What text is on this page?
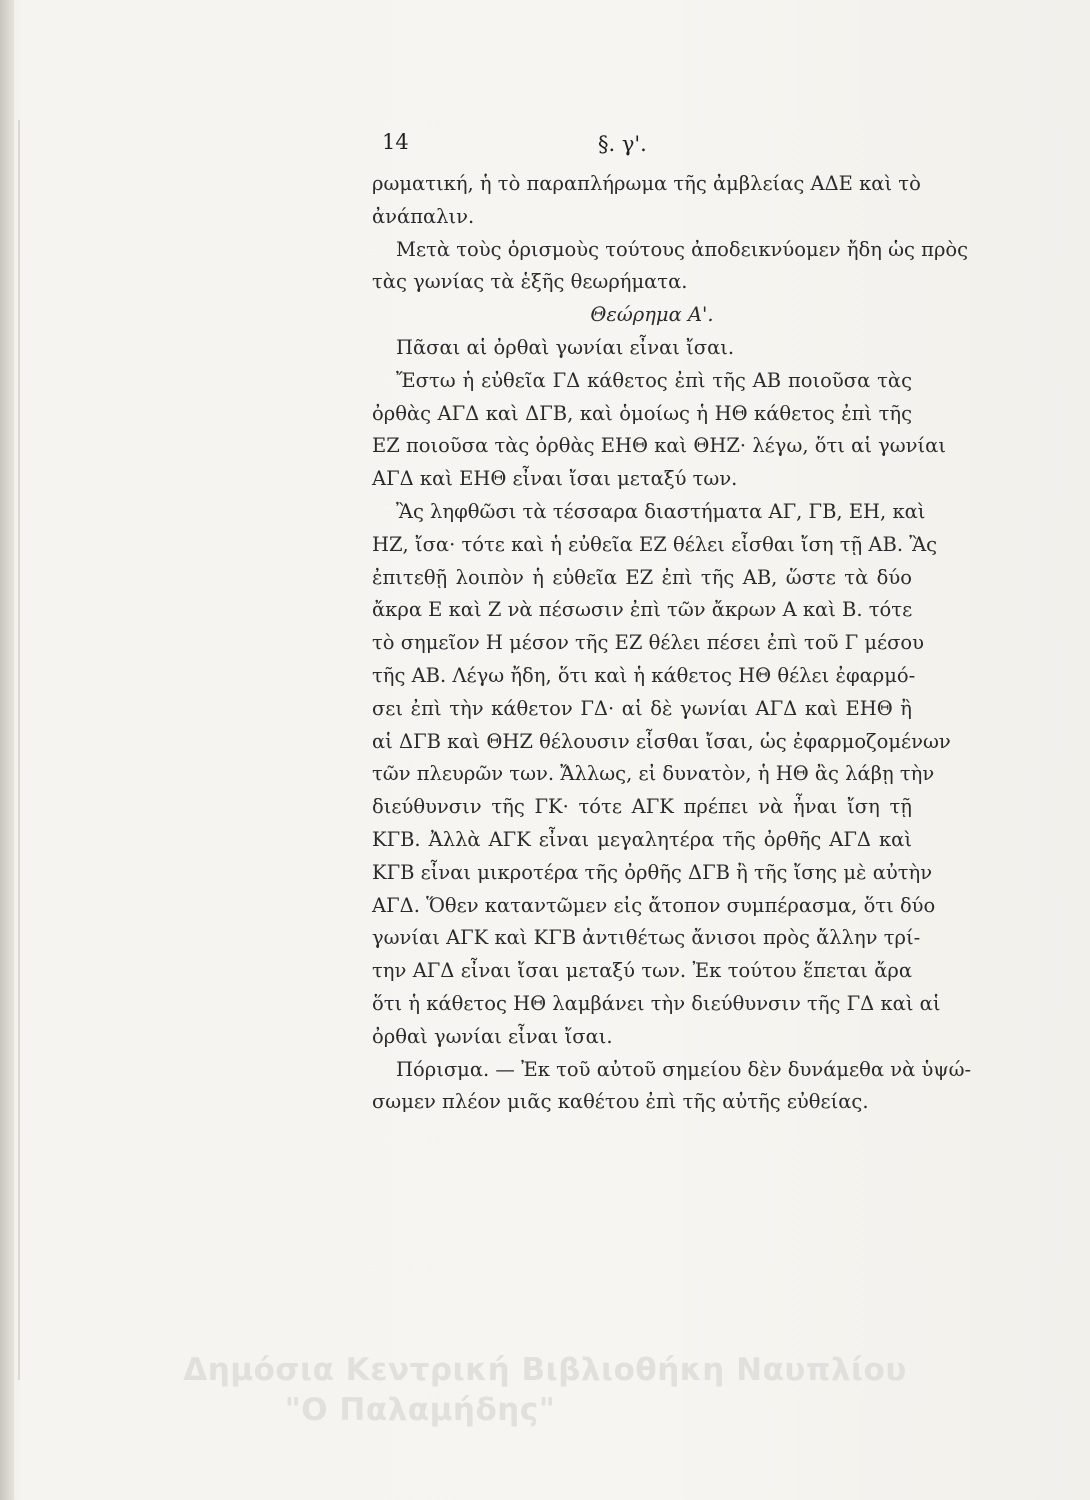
14	§. γ'.
ρωματική, ἡ τὸ παραπλήρωμα τῆς ἀμβλείας ΑΔΕ καὶ τὸ
ἀνάπαλιν.
Μετὰ τοὺς ὁρισμοὺς τούτους ἀποδεικνύομεν ἤδη ὡς πρὸς
τὰς γωνίας τὰ ἑξῆς θεωρήματα.
Θεώρημα Α'.
Πᾶσαι αἱ ὀρθαὶ γωνίαι εἶναι ἴσαι.
Ἔστω ἡ εὐθεῖα ΓΔ κάθετος ἐπὶ τῆς ΑΒ ποιοῦσα τὰς
ὀρθὰς ΑΓΔ καὶ ΔΓΒ, καὶ ὁμοίως ἡ ΗΘ κάθετος ἐπὶ τῆς
ΕΖ ποιοῦσα τὰς ὀρθὰς ΕΗΘ καὶ ΘΗΖ· λέγω, ὅτι αἱ γωνίαι
ΑΓΔ καὶ ΕΗΘ εἶναι ἴσαι μεταξύ των.
Ἂς ληφθῶσι τὰ τέσσαρα διαστήματα ΑΓ, ΓΒ, ΕΗ, καὶ
ΗΖ, ἴσα· τότε καὶ ἡ εὐθεῖα ΕΖ θέλει εἶσθαι ἴση τῇ ΑΒ. Ἂς
ἐπιτεθῇ λοιπὸν ἡ εὐθεῖα ΕΖ ἐπὶ τῆς ΑΒ, ὥστε τὰ δύο
ἄκρα Ε καὶ Ζ νὰ πέσωσιν ἐπὶ τῶν ἄκρων Α καὶ Β. τότε
τὸ σημεῖον Η μέσον τῆς ΕΖ θέλει πέσει ἐπὶ τοῦ Γ μέσου
τῆς ΑΒ. Λέγω ἤδη, ὅτι καὶ ἡ κάθετος ΗΘ θέλει ἐφαρμό-
σει ἐπὶ τὴν κάθετον ΓΔ· αἱ δὲ γωνίαι ΑΓΔ καὶ ΕΗΘ ἢ
αἱ ΔΓΒ καὶ ΘΗΖ θέλουσιν εἶσθαι ἴσαι, ὡς ἐφαρμοζομένων
τῶν πλευρῶν των. Ἄλλως, εἰ δυνατὸν, ἡ ΗΘ ἂς λάβῃ τὴν
διεύθυνσιν τῆς ΓΚ· τότε ΑΓΚ πρέπει νὰ ἦναι ἴση τῇ
ΚΓΒ. Ἀλλὰ ΑΓΚ εἶναι μεγαλητέρα τῆς ὀρθῆς ΑΓΔ καὶ
ΚΓΒ εἶναι μικροτέρα τῆς ὀρθῆς ΔΓΒ ἢ τῆς ἴσης μὲ αὐτὴν
ΑΓΔ. Ὅθεν καταντῶμεν εἰς ἄτοπον συμπέρασμα, ὅτι δύο
γωνίαι ΑΓΚ καὶ ΚΓΒ ἀντιθέτως ἄνισοι πρὸς ἄλλην τρί-
την ΑΓΔ εἶναι ἴσαι μεταξύ των. Ἐκ τούτου ἕπεται ἄρα
ὅτι ἡ κάθετος ΗΘ λαμβάνει τὴν διεύθυνσιν τῆς ΓΔ καὶ αἱ
ὀρθαὶ γωνίαι εἶναι ἴσαι.
Πόρισμα. — Ἐκ τοῦ αὐτοῦ σημείου δὲν δυνάμεθα νὰ ὑψώ-
σωμεν πλέον μιᾶς καθέτου ἐπὶ τῆς αὐτῆς εὐθείας.
Δημόσια Κεντρική Βιβλιοθήκη Ναυπλίου
"Ο Παλαμήδης"
